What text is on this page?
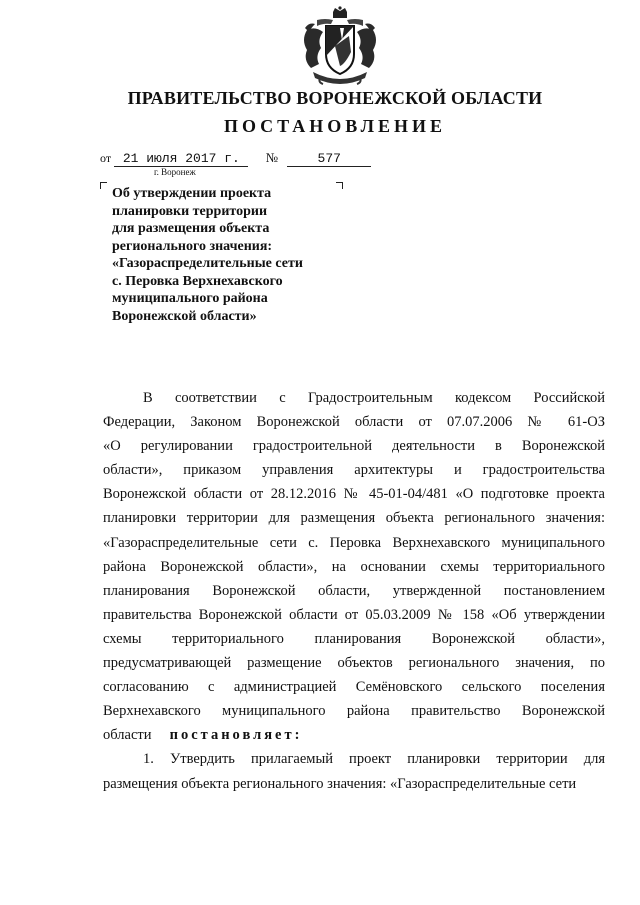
ПРАВИТЕЛЬСТВО ВОРОНЕЖСКОЙ ОБЛАСТИ
ПОСТАНОВЛЕНИЕ
от 21 июля 2017 г. №	577
г. Воронеж
Об утверждении проекта
планировки территории
для размещения объекта
регионального значения:
«Газораспределительные сети
с. Перовка Верхнехавского
муниципального района
Воронежской области»
В соответствии с Градостроительным кодексом Российской
Федерации, Законом Воронежской области от 07.07.2006 № 61-ОЗ
«О регулировании градостроительной деятельности в Воронежской
области», приказом управления архитектуры и градостроительства
Воронежской области от 28.12.2016 № 45-01-04/481 «О подготовке проекта
планировки территории для размещения объекта регионального значения:
«Газораспределительные сети с. Перовка Верхнехавского муниципального
района Воронежской области», на основании схемы территориального
планирования Воронежской области, утвержденной постановлением
правительства Воронежской области от 05.03.2009 № 158 «Об утверждении
схемы территориального планирования Воронежской области»,
предусматривающей размещение объектов регионального значения, по
согласованию с администрацией Семёновского сельского поселения
Верхнехавского муниципального района правительство Воронежской
области постановляет:
1. Утвердить прилагаемый проект планировки территории для
размещения объекта регионального значения: «Газораспределительные сети
